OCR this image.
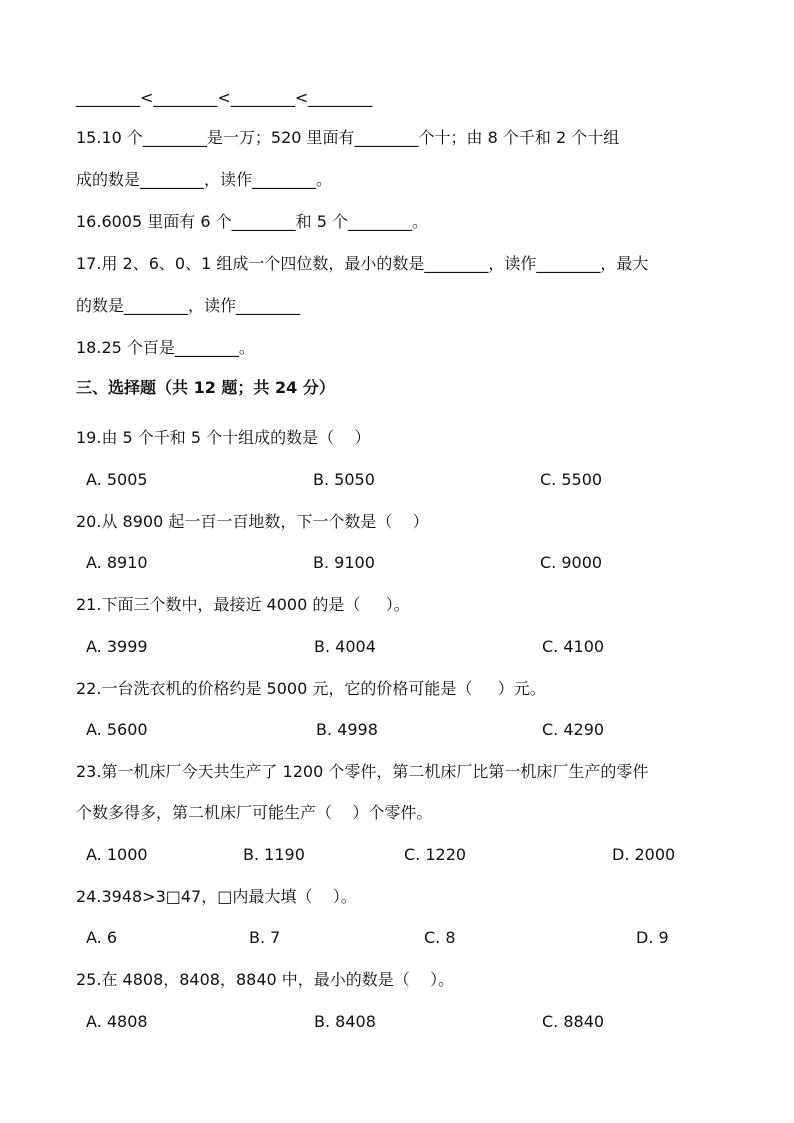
________<________<________<________
15.10 个________是一万；520 里面有________个十；由 8 个千和 2 个十组
成的数是________，读作________。
16.6005 里面有 6 个________和 5 个________。
17.用 2、6、0、1 组成一个四位数，最小的数是________，读作________，最大
的数是________，读作________
18.25 个百是________。
三、选择题（共 12 题；共 24 分）
19.由 5 个千和 5 个十组成的数是（    ）
A. 5005	B. 5050	C. 5500
20.从 8900 起一百一百地数，下一个数是（    ）
A. 8910	B. 9100	C. 9000
21.下面三个数中，最接近 4000 的是（     ）。
A. 3999	B. 4004	C. 4100
22.一台洗衣机的价格约是 5000 元，它的价格可能是（     ）元。
A. 5600	B. 4998	C. 4290
23.第一机床厂今天共生产了 1200 个零件，第二机床厂比第一机床厂生产的零件
个数多得多，第二机床厂可能生产（    ）个零件。
A. 1000	B. 1190	C. 1220	D. 2000
24.3948>3□47，□内最大填（    ）。
A. 6	B. 7	C. 8	D. 9
25.在 4808，8408，8840 中，最小的数是（    ）。
A. 4808	B. 8408	C. 8840
